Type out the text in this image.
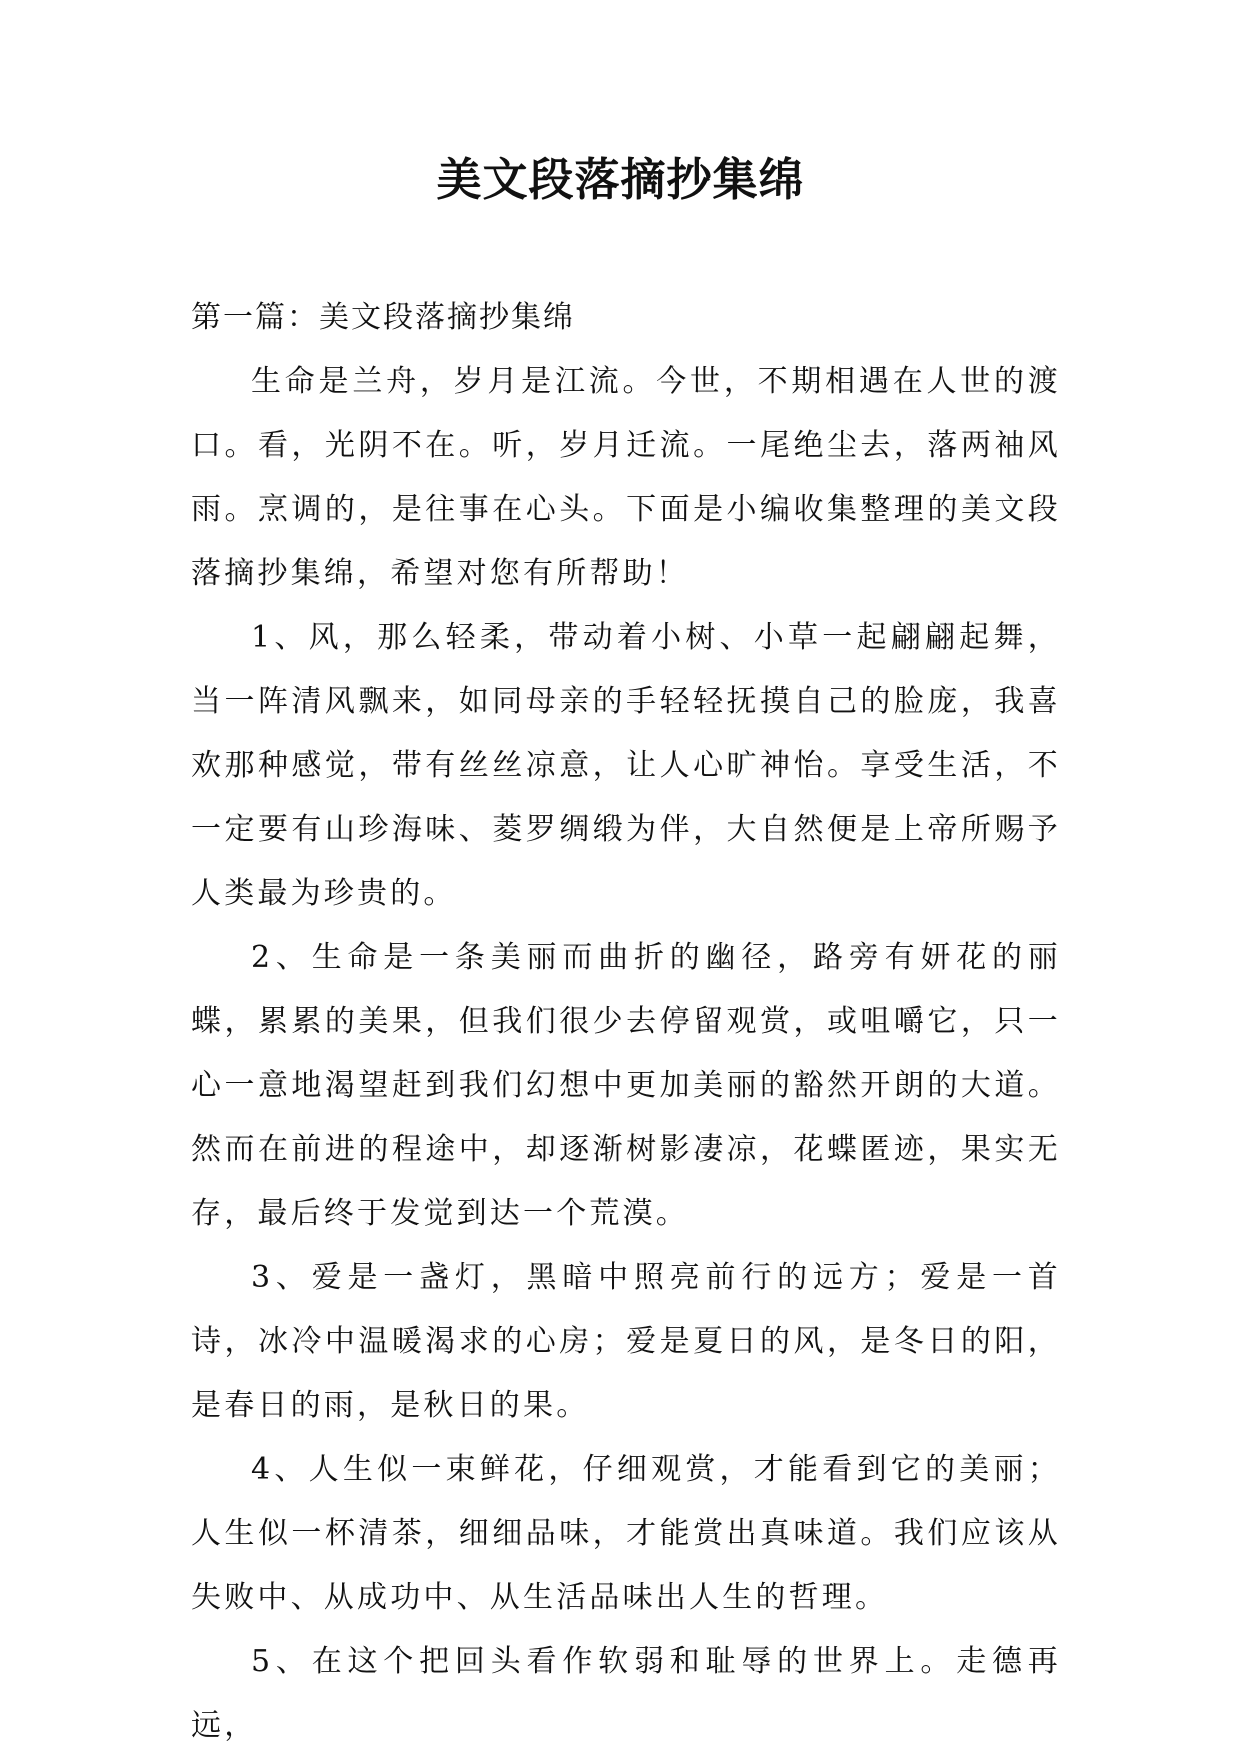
美文段落摘抄集绵

第一篇：美文段落摘抄集绵

生命是兰舟，岁月是江流。今世，不期相遇在人世的渡口。看，光阴不在。听，岁月迁流。一尾绝尘去，落两袖风雨。烹调的，是往事在心头。下面是小编收集整理的美文段落摘抄集绵，希望对您有所帮助！

1、风，那么轻柔，带动着小树、小草一起翩翩起舞，当一阵清风飘来，如同母亲的手轻轻抚摸自己的脸庞，我喜欢那种感觉，带有丝丝凉意，让人心旷神怡。享受生活，不一定要有山珍海味、菱罗绸缎为伴，大自然便是上帝所赐予人类最为珍贵的。

2、生命是一条美丽而曲折的幽径，路旁有妍花的丽蝶，累累的美果，但我们很少去停留观赏，或咀嚼它，只一心一意地渴望赶到我们幻想中更加美丽的豁然开朗的大道。然而在前进的程途中，却逐渐树影凄凉，花蝶匿迹，果实无存，最后终于发觉到达一个荒漠。

3、爱是一盏灯，黑暗中照亮前行的远方；爱是一首诗，冰冷中温暖渴求的心房；爱是夏日的风，是冬日的阳，是春日的雨，是秋日的果。

4、人生似一束鲜花，仔细观赏，才能看到它的美丽；人生似一杯清茶，细细品味，才能赏出真味道。我们应该从失败中、从成功中、从生活品味出人生的哲理。

5、在这个把回头看作软弱和耻辱的世界上。走德再远，
